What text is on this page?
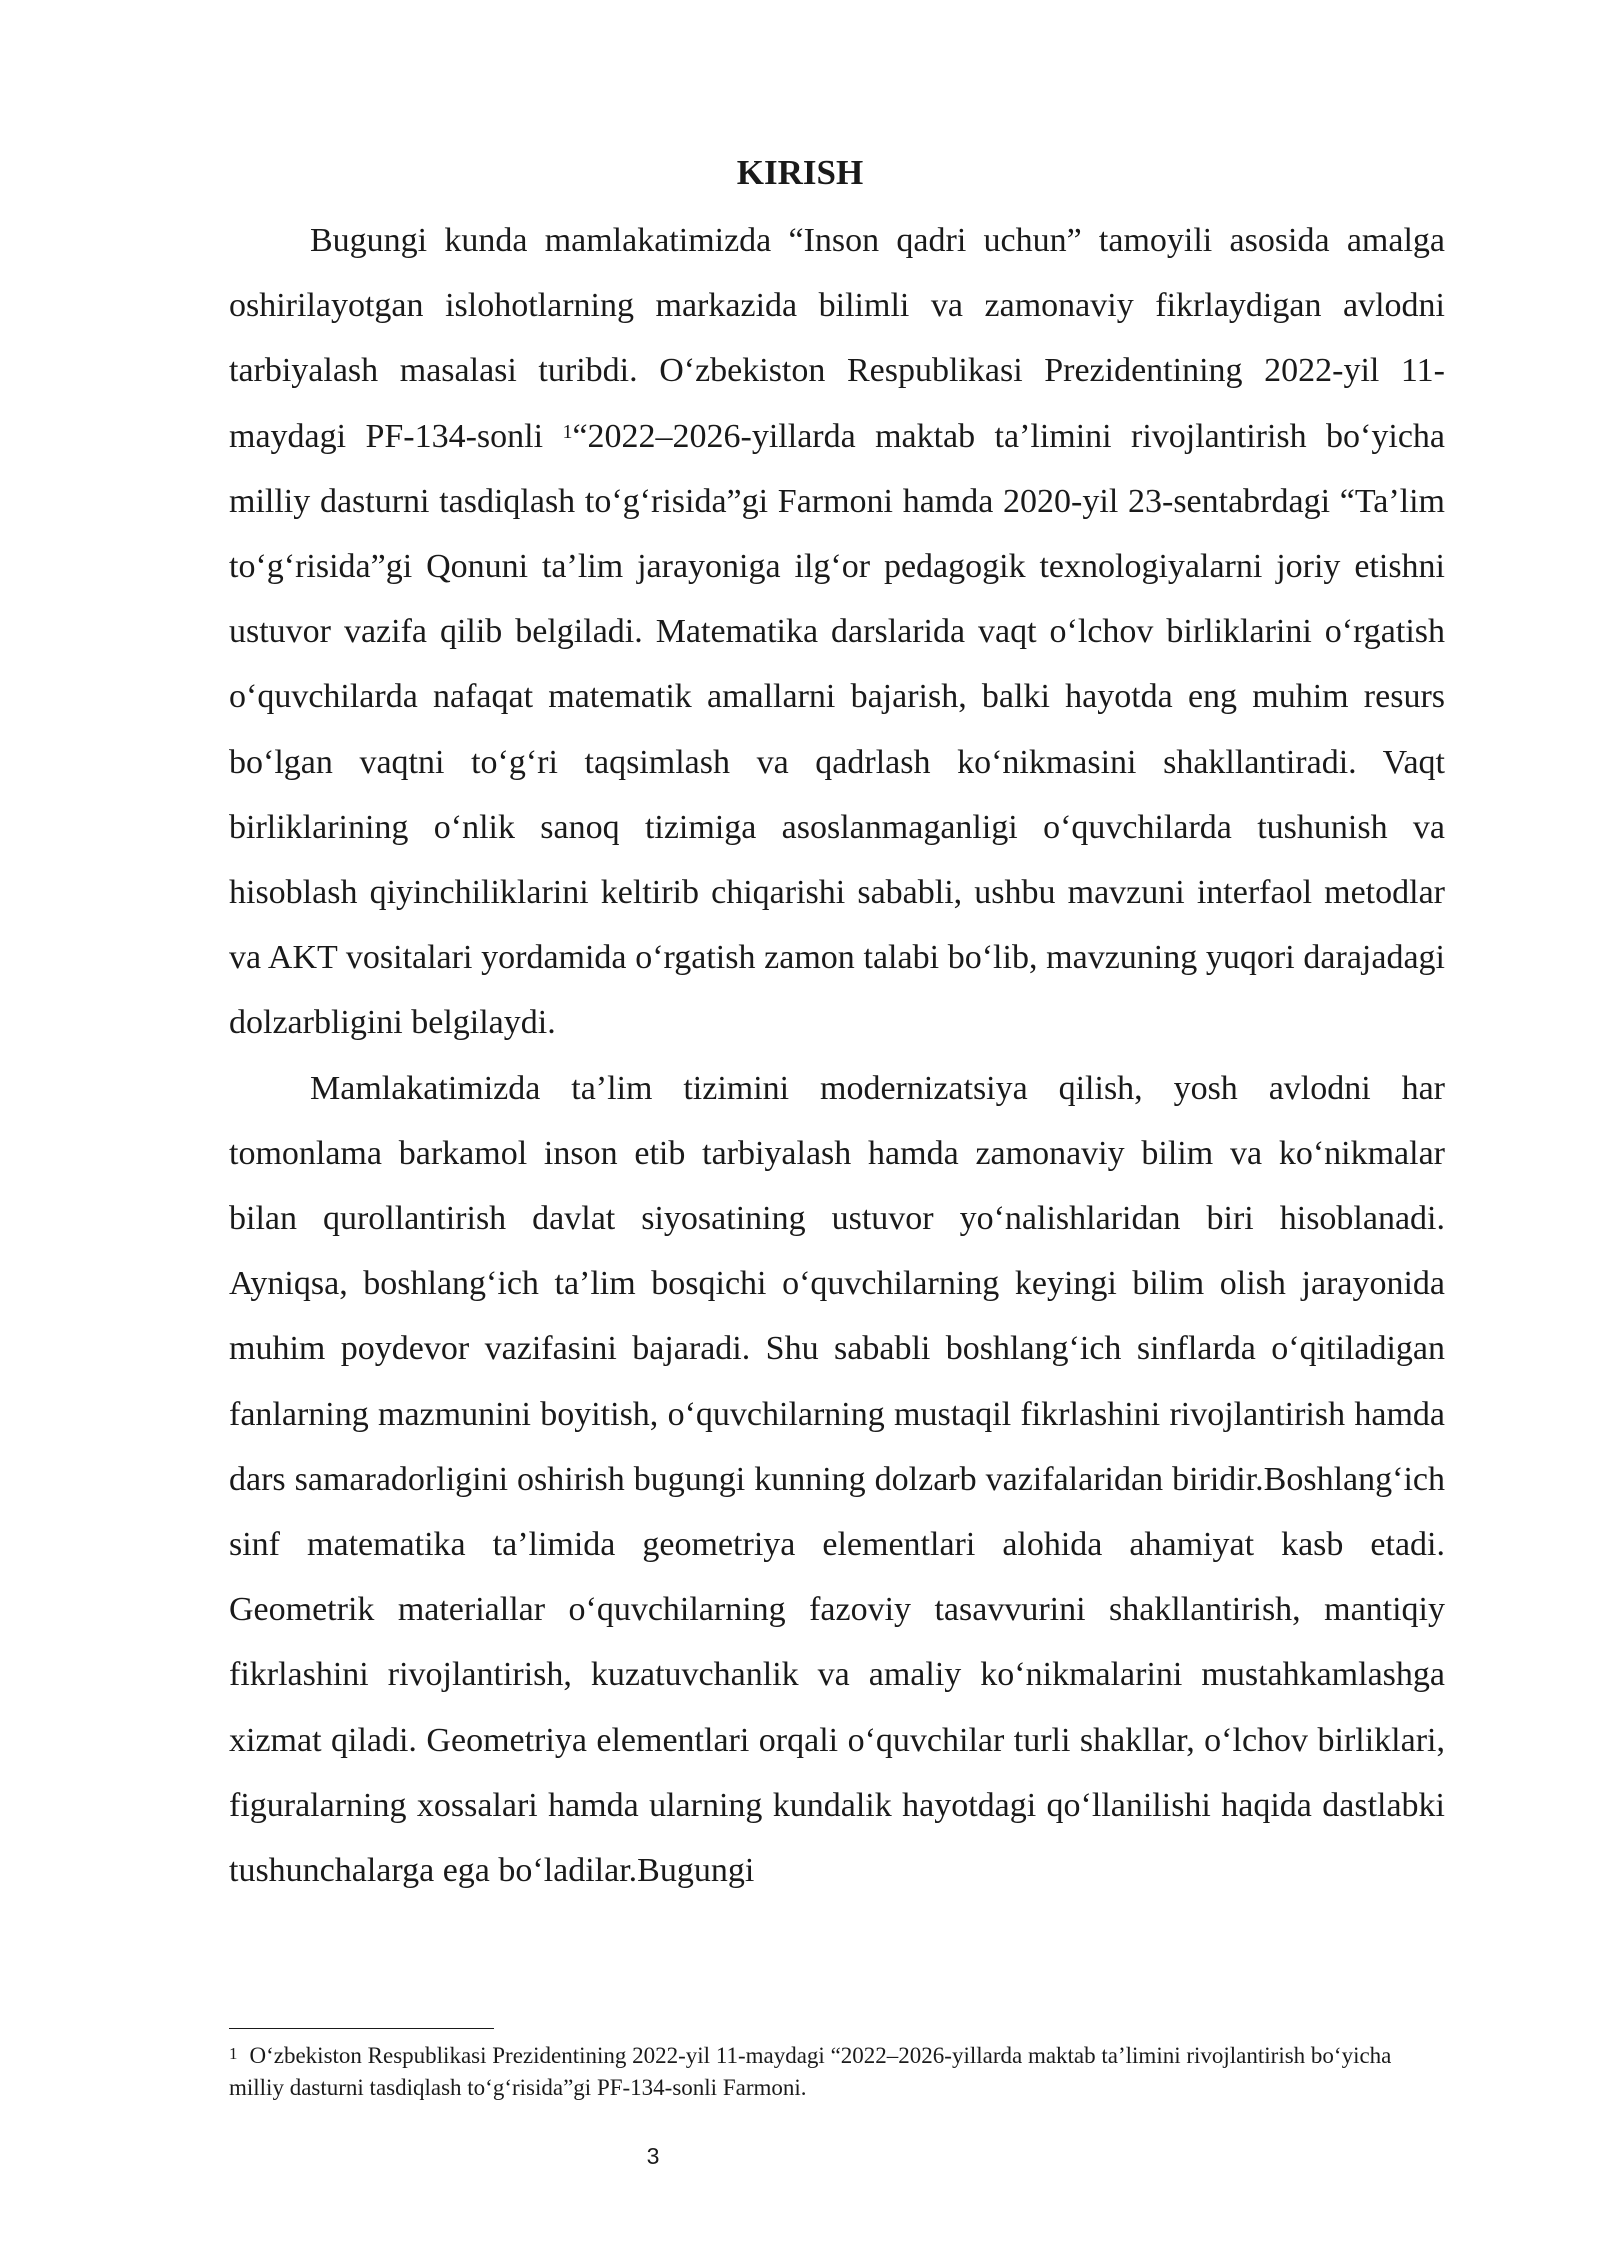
KIRISH

Bugungi kunda mamlakatimizda “Inson qadri uchun” tamoyili asosida amalga oshirilayotgan islohotlarning markazida bilimli va zamonaviy fikrlaydigan avlodni tarbiyalash masalasi turibdi. O‘zbekiston Respublikasi Prezidentining 2022-yil 11-maydagi PF-134-sonli $^1$“2022–2026-yillarda maktab ta’limini rivojlantirish bo‘yicha milliy dasturni tasdiqlash to‘g‘risida”gi Farmoni hamda 2020-yil 23-sentabrdagi “Ta’lim to‘g‘risida”gi Qonuni ta’lim jarayoniga ilg‘or pedagogik texnologiyalarni joriy etishni ustuvor vazifa qilib belgiladi. Matematika darslarida vaqt o‘lchov birliklarini o‘rgatish o‘quvchilarda nafaqat matematik amallarni bajarish, balki hayotda eng muhim resurs bo‘lgan vaqtni to‘g‘ri taqsimlash va qadrlash ko‘nikmasini shakllantiradi. Vaqt birliklarining o‘nlik sanoq tizimiga asoslanmaganligi o‘quvchilarda tushunish va hisoblash qiyinchiliklarini keltirib chiqarishi sababli, ushbu mavzuni interfaol metodlar va AKT vositalari yordamida o‘rgatish zamon talabi bo‘lib, mavzuning yuqori darajadagi dolzarbligini belgilaydi.

Mamlakatimizda ta’lim tizimini modernizatsiya qilish, yosh avlodni har tomonlama barkamol inson etib tarbiyalash hamda zamonaviy bilim va ko‘nikmalar bilan qurollantirish davlat siyosatining ustuvor yo‘nalishlaridan biri hisoblanadi. Ayniqsa, boshlang‘ich ta’lim bosqichi o‘quvchilarning keyingi bilim olish jarayonida muhim poydevor vazifasini bajaradi. Shu sababli boshlang‘ich sinflarda o‘qitiladigan fanlarning mazmunini boyitish, o‘quvchilarning mustaqil fikrlashini rivojlantirish hamda dars samaradorligini oshirish bugungi kunning dolzarb vazifalaridan biridir.Boshlang‘ich sinf matematika ta’limida geometriya elementlari alohida ahamiyat kasb etadi. Geometrik materiallar o‘quvchilarning fazoviy tasavvurini shakllantirish, mantiqiy fikrlashini rivojlantirish, kuzatuvchanlik va amaliy ko‘nikmalarini mustahkamlashga xizmat qiladi. Geometriya elementlari orqali o‘quvchilar turli shakllar, o‘lchov birliklari, figuralarning xossalari hamda ularning kundalik hayotdagi qo‘llanilishi haqida dastlabki tushunchalarga ega bo‘ladilar.Bugungi

$^1$ O‘zbekiston Respublikasi Prezidentining 2022-yil 11-maydagi “2022–2026-yillarda maktab ta’limini rivojlantirish bo‘yicha milliy dasturni tasdiqlash to‘g‘risida”gi PF-134-sonli Farmoni.

3
